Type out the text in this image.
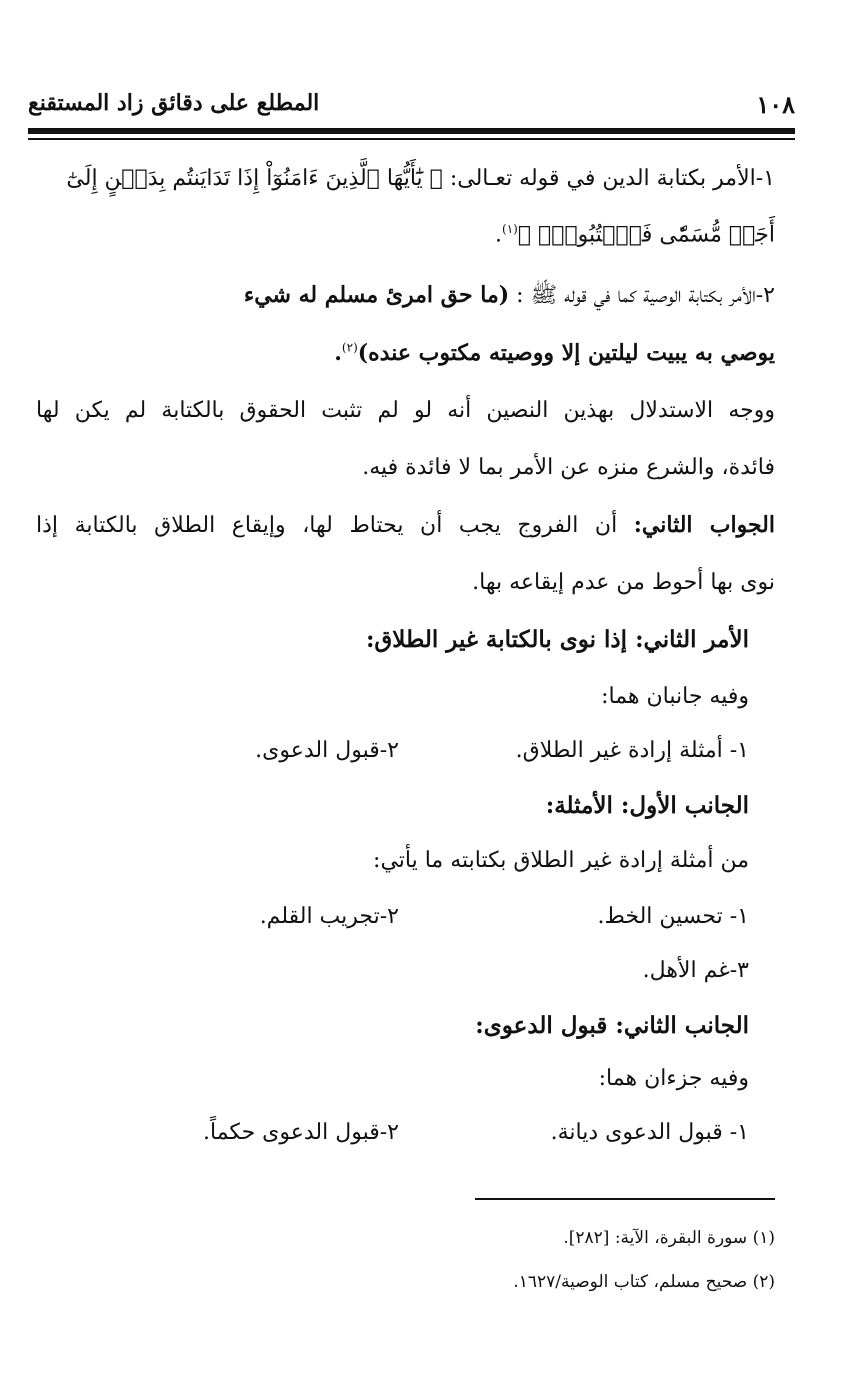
١٠٨
المطلع على دقائق زاد المستقنع
١-الأمر بكتابة الدين في قوله تعـالى: ﴿ يَٰٓأَيُّهَا ٱلَّذِينَ ءَامَنُوٓاْ إِذَا تَدَايَنتُم بِدَيۡنٍ إِلَىٰٓ
أَجَلٖ مُّسَمّٗى فَٱكۡتُبُوهُۚ ﴾$^{(١)}$.
٢-الأمر بكتابة الوصية كما في قوله ﷺ : (ما حق امرئ مسلم له شيء
يوصي به يبيت ليلتين إلا ووصيته مكتوب عنده)$^{(٢)}$.
ووجه الاستدلال بهذين النصين أنه لو لم تثبت الحقوق بالكتابة لم يكن لها
فائدة، والشرع منزه عن الأمر بما لا فائدة فيه.
الجواب الثاني: أن الفروج يجب أن يحتاط لها، وإيقاع الطلاق بالكتابة إذا
نوى بها أحوط من عدم إيقاعه بها.
الأمر الثاني: إذا نوى بالكتابة غير الطلاق:
وفيه جانبان هما:
١- أمثلة إرادة غير الطلاق.
٢-قبول الدعوى.
الجانب الأول: الأمثلة:
من أمثلة إرادة غير الطلاق بكتابته ما يأتي:
١- تحسين الخط.
٢-تجريب القلم.
٣-غم الأهل.
الجانب الثاني: قبول الدعوى:
وفيه جزءان هما:
١- قبول الدعوى ديانة.
٢-قبول الدعوى حكماً.
(١) سورة البقرة، الآية: [٢٨٢].
(٢) صحيح مسلم، كتاب الوصية/١٦٢٧.
